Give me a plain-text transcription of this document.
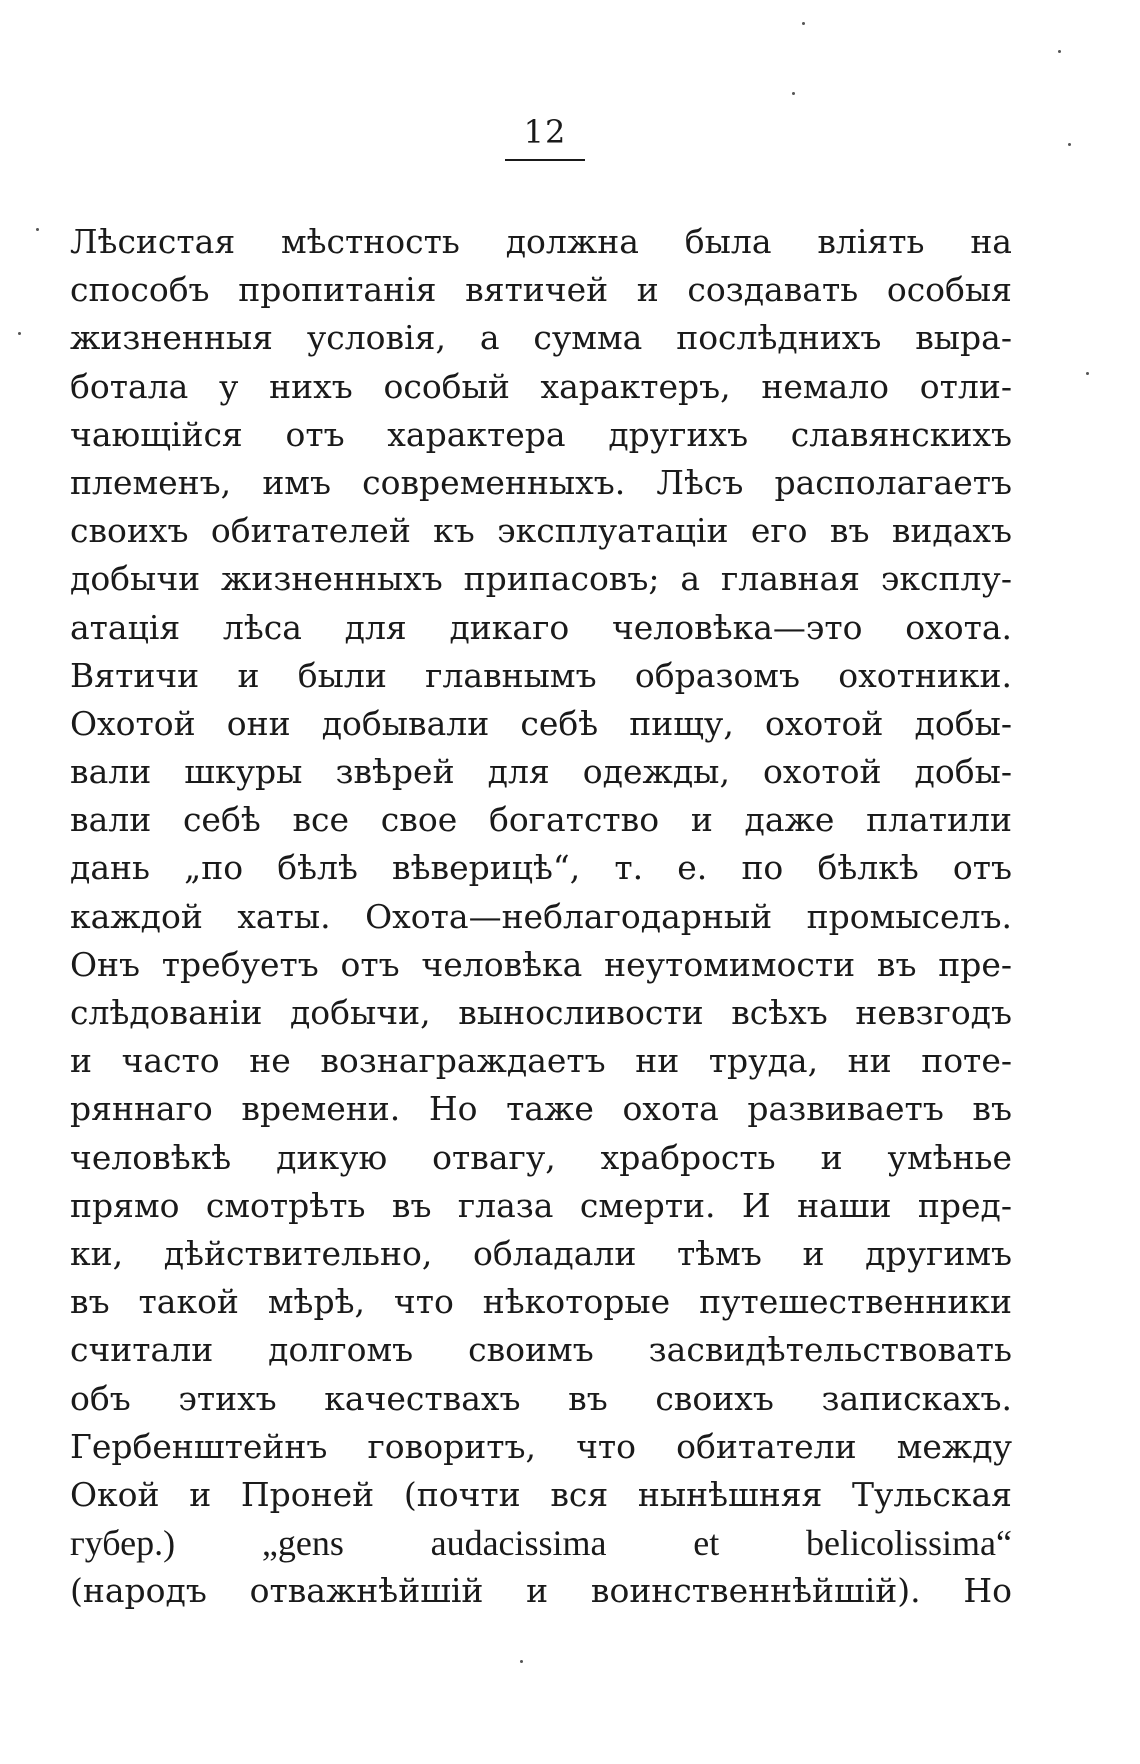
12
Лѣсистая мѣстность должна была влiять на
способъ пропитанiя вятичей и создавать особыя
жизненныя условiя, а сумма послѣднихъ выра-
ботала у нихъ особый характеръ, немало отли-
чающiйся отъ характера другихъ славянскихъ
племенъ, имъ современныхъ. Лѣсъ располагаетъ
своихъ обитателей къ эксплуатацiи его въ видахъ
добычи жизненныхъ припасовъ; а главная эксплу-
атацiя лѣса для дикаго человѣка—это охота.
Вятичи и были главнымъ образомъ охотники.
Охотой они добывали себѣ пищу, охотой добы-
вали шкуры звѣрей для одежды, охотой добы-
вали себѣ все свое богатство и даже платили
дань „по бѣлѣ вѣверицѣ“, т. е. по бѣлкѣ отъ
каждой хаты. Охота—неблагодарный промыселъ.
Онъ требуетъ отъ человѣка неутомимости въ пре-
слѣдованiи добычи, выносливости всѣхъ невзгодъ
и часто не вознаграждаетъ ни труда, ни поте-
ряннаго времени. Но таже охота развиваетъ въ
человѣкѣ дикую отвагу, храбрость и умѣнье
прямо смотрѣть въ глаза смерти. И наши пред-
ки, дѣйствительно, обладали тѣмъ и другимъ
въ такой мѣрѣ, что нѣкоторые путешественники
считали долгомъ своимъ засвидѣтельствовать
объ этихъ качествахъ въ своихъ запискахъ.
Гербенштейнъ говоритъ, что обитатели между
Окой и Проней (почти вся нынѣшняя Тульская
губер.) „gens audacissima et belicolissima“
(народъ отважнѣйшiй и воинственнѣйшiй). Но
